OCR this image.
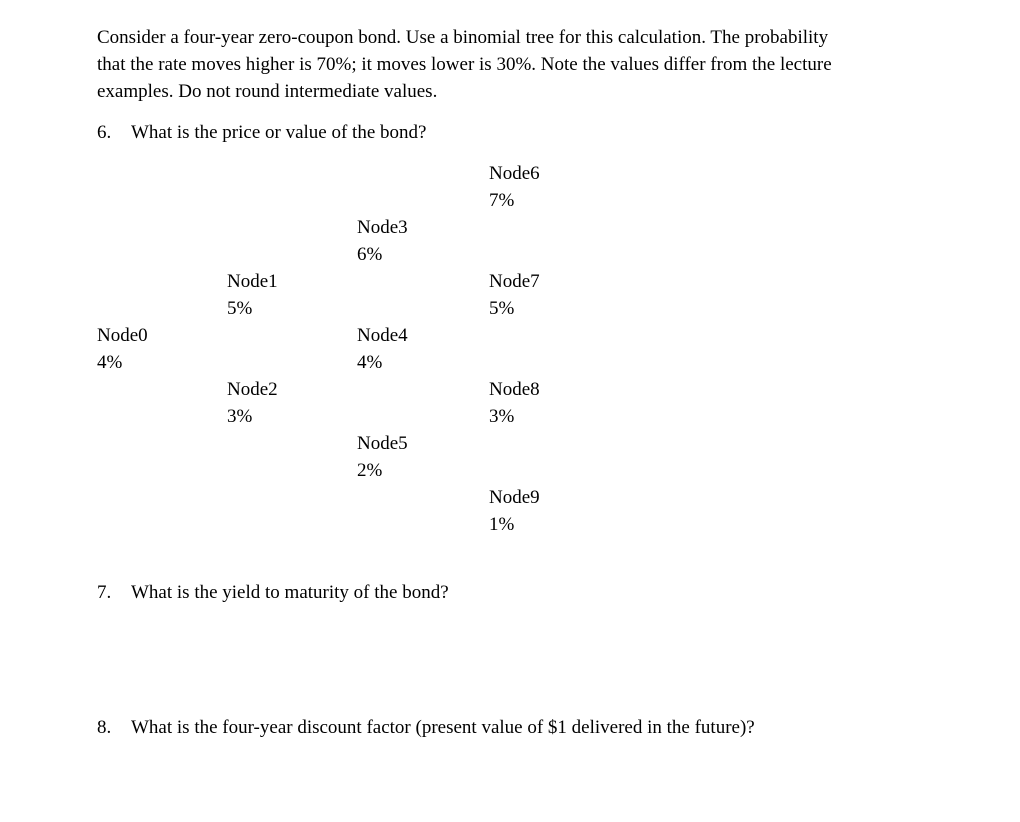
Consider a four-year zero-coupon bond. Use a binomial tree for this calculation. The probability
that the rate moves higher is 70%; it moves lower is 30%. Note the values differ from the lecture
examples. Do not round intermediate values.
6. What is the price or value of the bond?
Node0
4%
Node1
5%
Node2
3%
Node3
6%
Node4
4%
Node5
2%
Node6
7%
Node7
5%
Node8
3%
Node9
1%
7. What is the yield to maturity of the bond?
8. What is the four-year discount factor (present value of $1 delivered in the future)?
